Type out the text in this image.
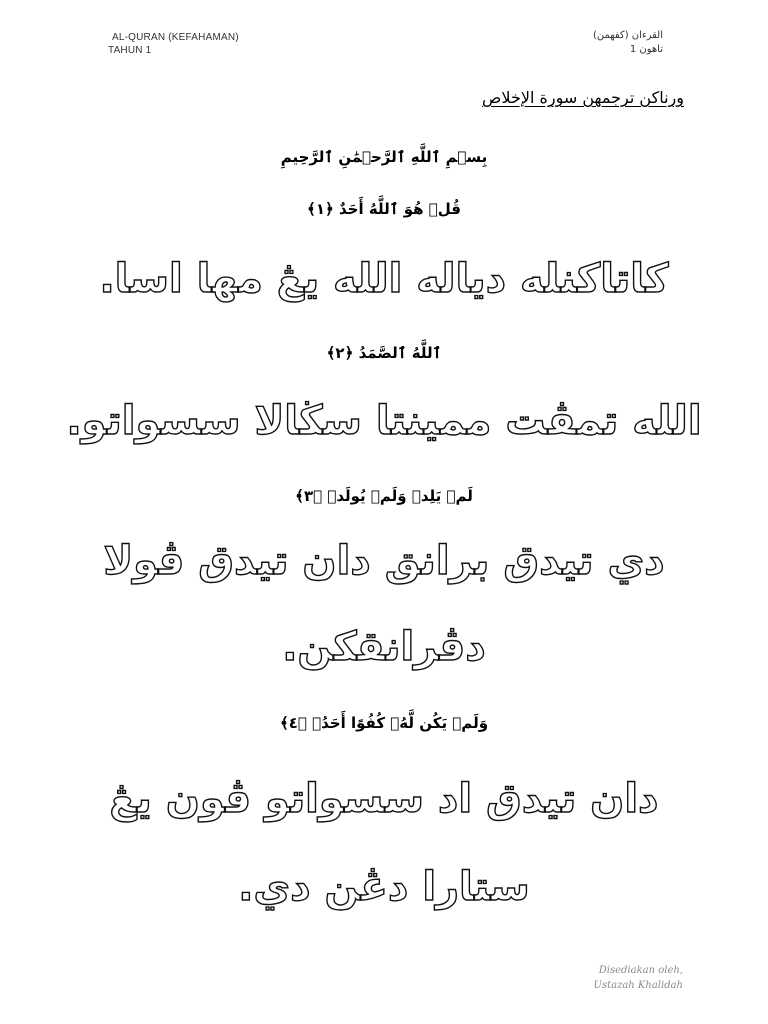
AL-QURAN (KEFAHAMAN)
TAHUN 1
القرءان (كفهمن)
تاهون 1
ورناكن ترجمهن سورة الإخلاص
بِسۡمِ ٱللَّهِ ٱلرَّحۡمَٰنِ ٱلرَّحِيمِ
قُلۡ هُوَ ٱللَّهُ أَحَدٌ ﴿١﴾
كاتاكنله دياله الله يڠ مها اسا.
ٱللَّهُ ٱلصَّمَدُ ﴿٢﴾
الله تمڤت ممينتا سڬالا سسواتو.
لَمۡ يَلِدۡ وَلَمۡ يُولَدۡ ﴿٣﴾
دي تيدق برانق دان تيدق ڤولا
دڤرانقكن.
وَلَمۡ يَكُن لَّهُۥ كُفُوًا أَحَدُۢ ﴿٤﴾
دان تيدق اد سسواتو ڤون يڠ
ستارا دڠن دي.
Disediakan oleh,
Ustazah Khalidah
